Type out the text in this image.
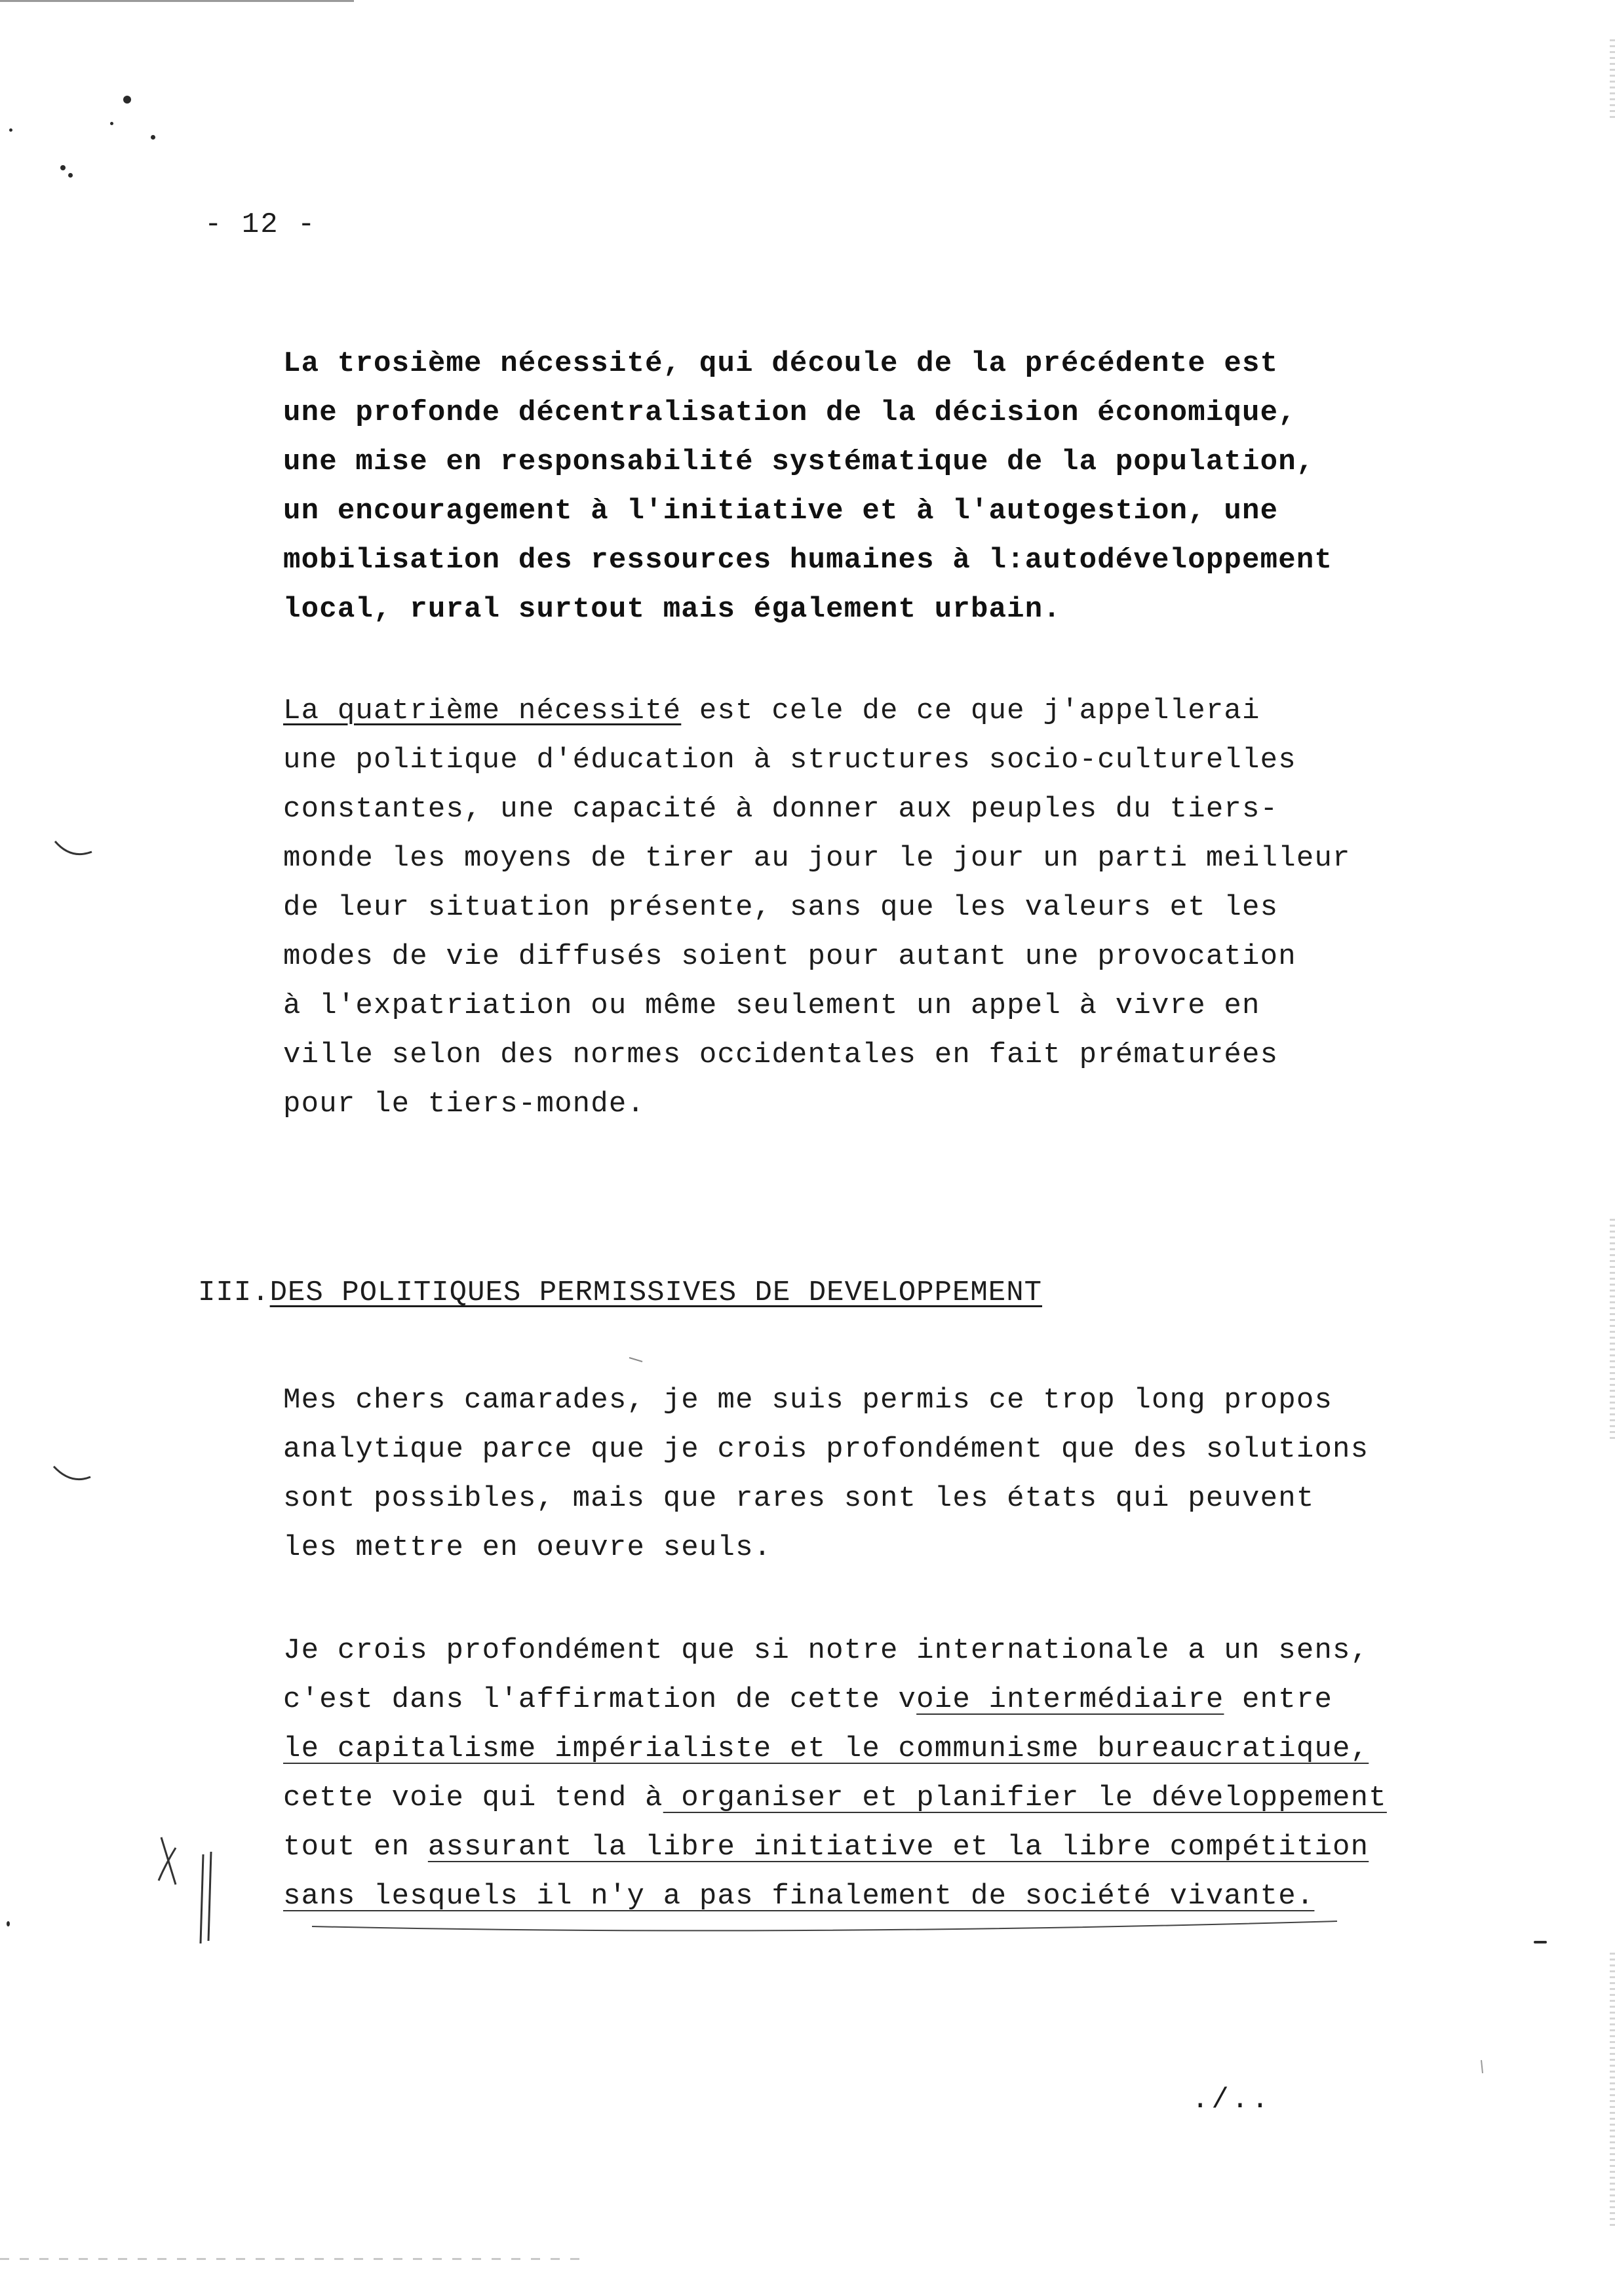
- 12 -

La trosième nécessité, qui découle de la précédente est
une profonde décentralisation de la décision économique,
une mise en responsabilité systématique de la population,
un encouragement à l'initiative et à l'autogestion, une
mobilisation des ressources humaines à l:autodéveloppement
local, rural surtout mais également urbain.

La quatrième nécessité est cele de ce que j'appellerai
une politique d'éducation à structures socio-culturelles
constantes, une capacité à donner aux peuples du tiers-
monde les moyens de tirer au jour le jour un parti meilleur
de leur situation présente, sans que les valeurs et les
modes de vie diffusés soient pour autant une provocation
à l'expatriation ou même seulement un appel à vivre en
ville selon des normes occidentales en fait prématurées
pour le tiers-monde.

III.DES POLITIQUES PERMISSIVES DE DEVELOPPEMENT

Mes chers camarades, je me suis permis ce trop long propos
analytique parce que je crois profondément que des solutions
sont possibles, mais que rares sont les états qui peuvent
les mettre en oeuvre seuls.

Je crois profondément que si notre internationale a un sens,
c'est dans l'affirmation de cette voie intermédiaire entre
le capitalisme impérialiste et le communisme bureaucratique,
cette voie qui tend à organiser et planifier le développement
tout en assurant la libre initiative et la libre compétition
sans lesquels il n'y a pas finalement de société vivante.

./..
